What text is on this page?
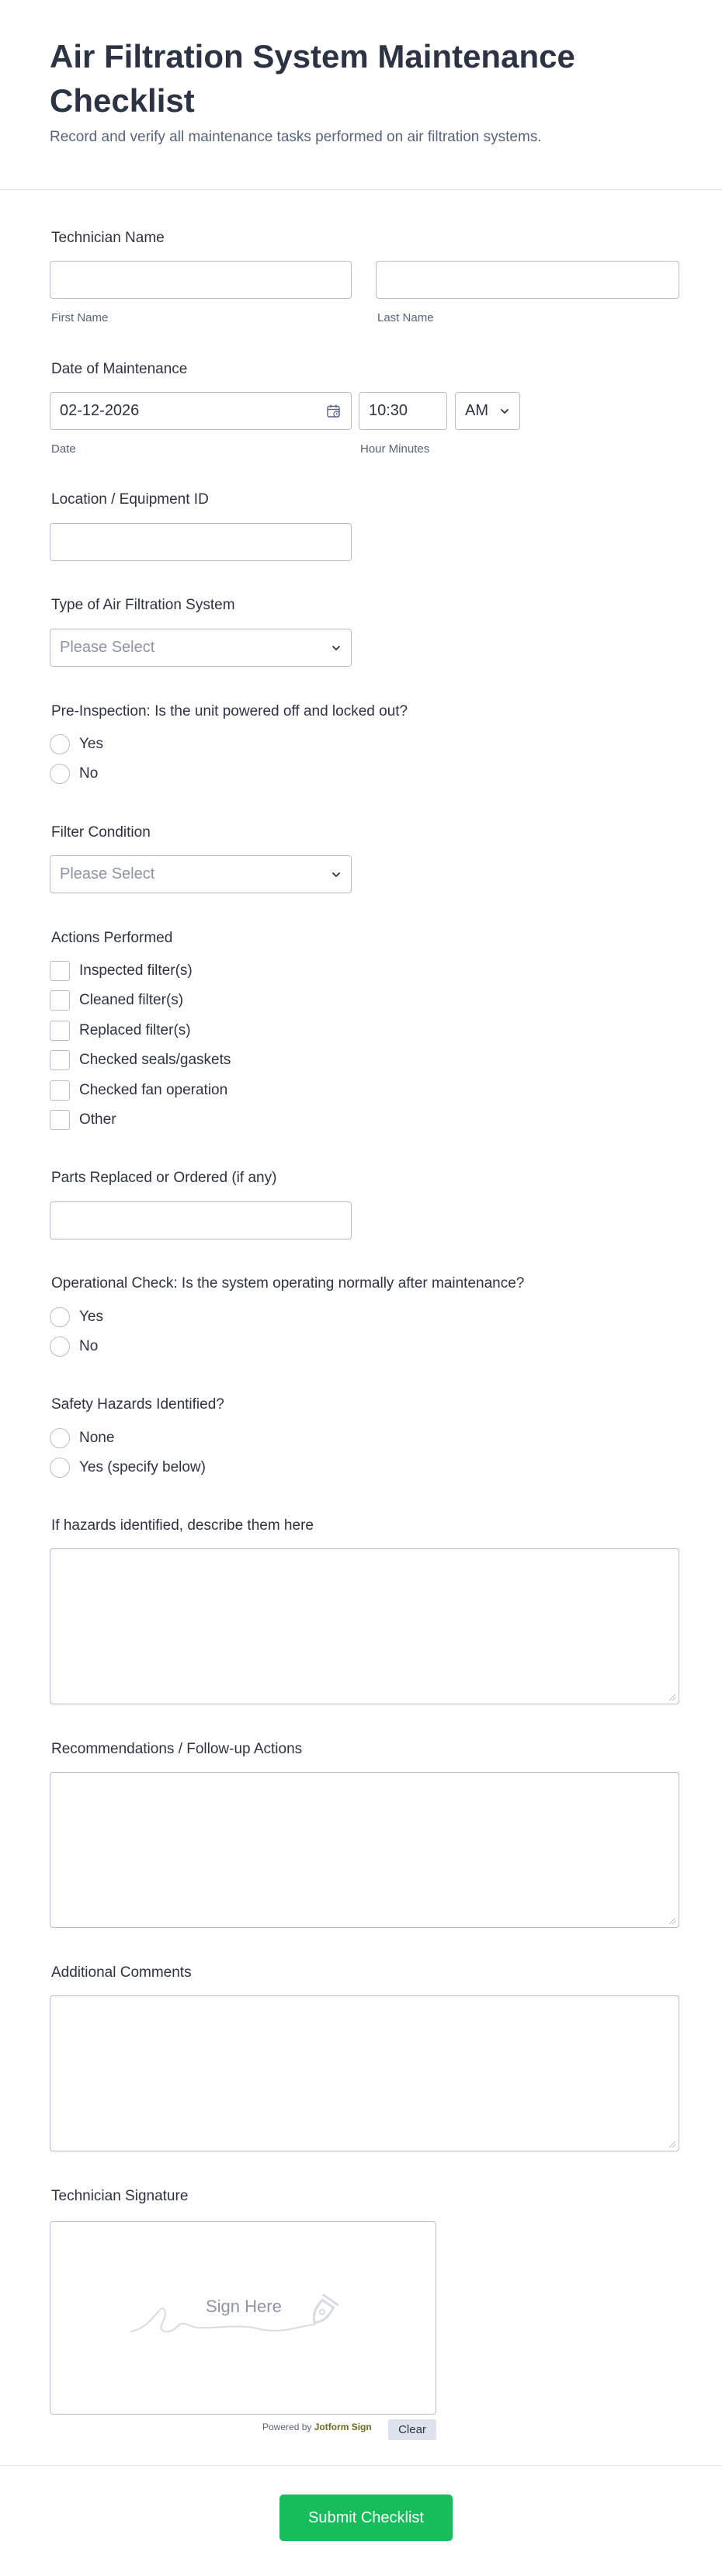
Air Filtration System Maintenance Checklist

Record and verify all maintenance tasks performed on air filtration systems.

Technician Name
First Name	Last Name
Date of Maintenance
02-12-2026
10:30	AM
Date	Hour Minutes
Location / Equipment ID
Type of Air Filtration System
Please Select
Pre-Inspection: Is the unit powered off and locked out?
Yes
No
Filter Condition
Please Select
Actions Performed
Inspected filter(s)
Cleaned filter(s)
Replaced filter(s)
Checked seals/gaskets
Checked fan operation
Other
Parts Replaced or Ordered (if any)
Operational Check: Is the system operating normally after maintenance?
Yes
No
Safety Hazards Identified?
None
Yes (specify below)
If hazards identified, describe them here
Recommendations / Follow-up Actions
Additional Comments
Technician Signature
Sign Here
Powered by Jotform Sign	Clear
Submit Checklist
